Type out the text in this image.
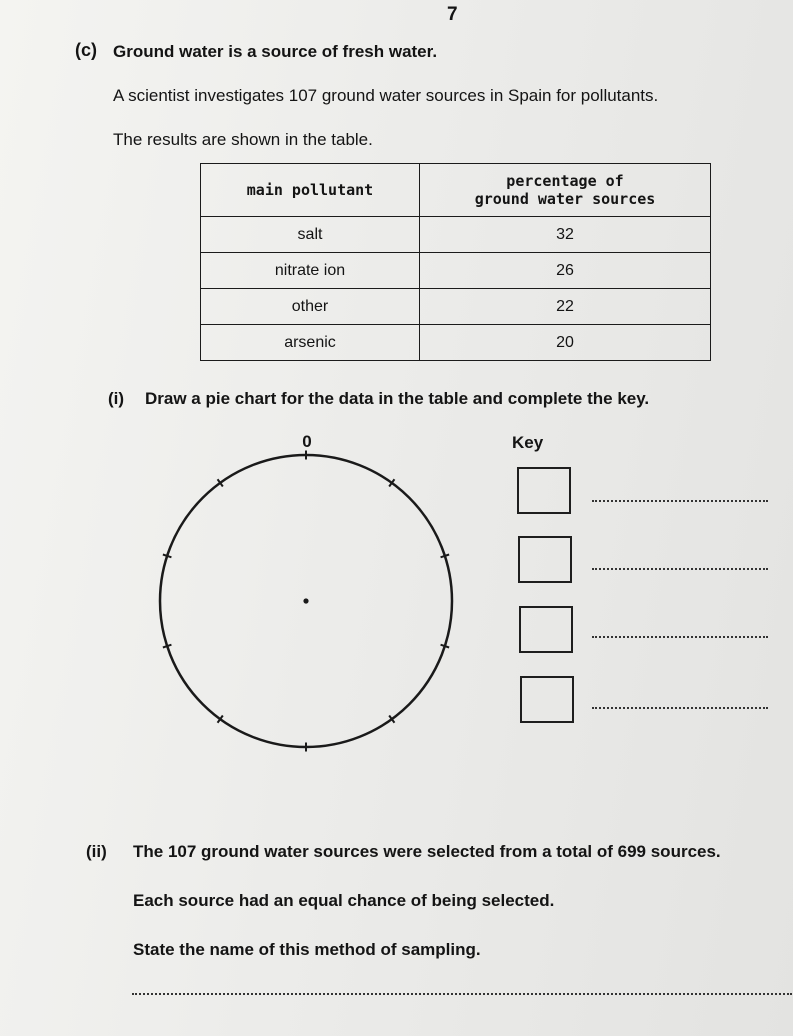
7
(c) Ground water is a source of fresh water.
A scientist investigates 107 ground water sources in Spain for pollutants.
The results are shown in the table.
main pollutant	percentage of
ground water sources
salt	32
nitrate ion	26
other	22
arsenic	20
(i) Draw a pie chart for the data in the table and complete the key.
0	Key
(ii) The 107 ground water sources were selected from a total of 699 sources.
Each source had an equal chance of being selected.
State the name of this method of sampling.
